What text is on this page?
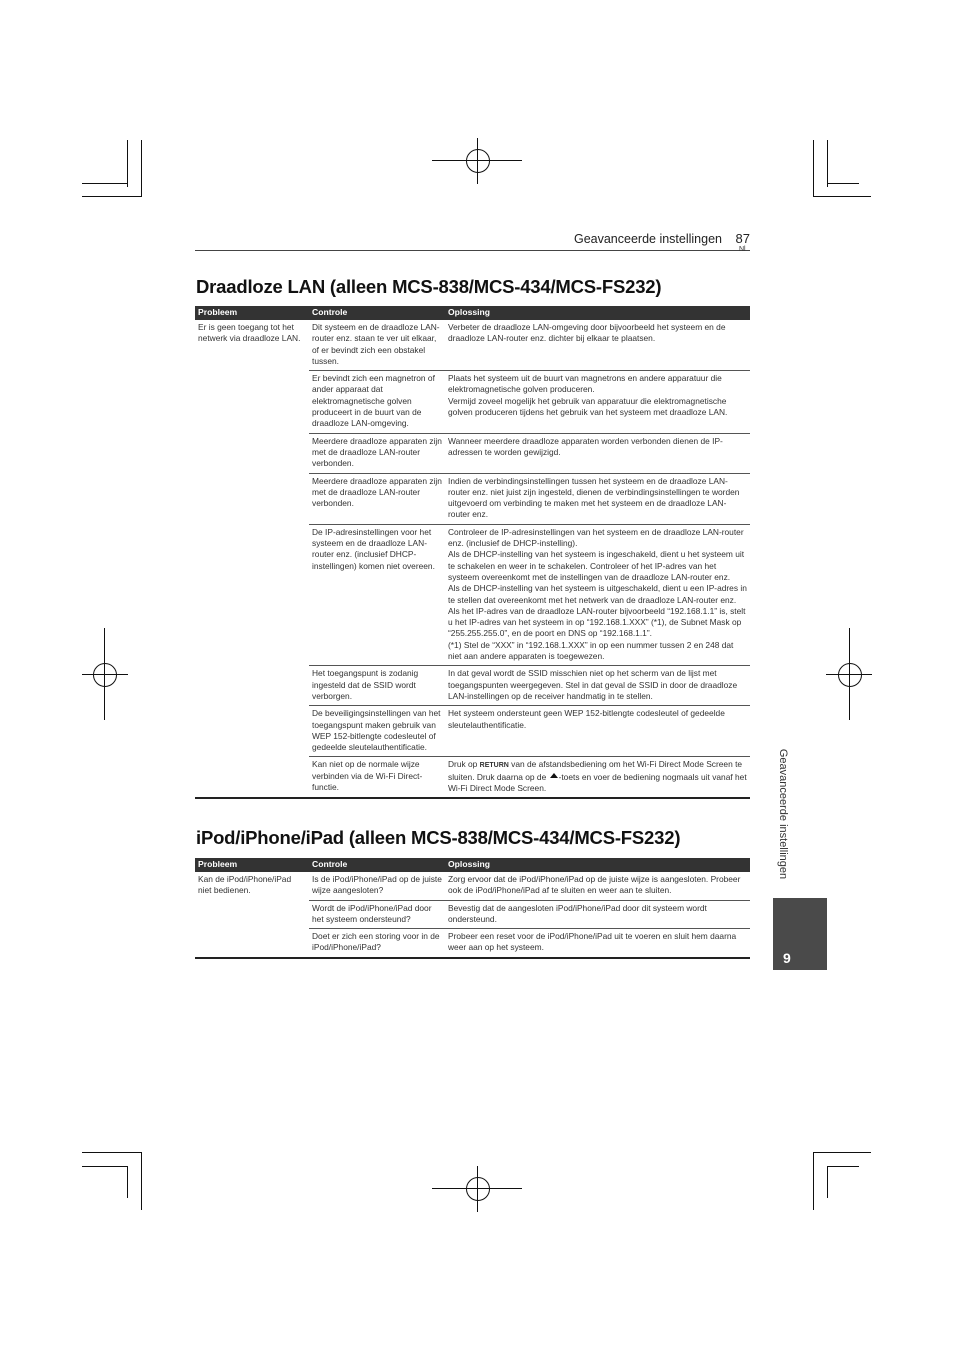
Geavanceerde instellingen 87
Nl
Draadloze LAN (alleen MCS-838/MCS-434/MCS-FS232)
Probleem	Controle	Oplossing
Er is geen toegang tot het netwerk via draadloze LAN.	Dit systeem en de draadloze LAN-router enz. staan te ver uit elkaar, of er bevindt zich een obstakel tussen.	Verbeter de draadloze LAN-omgeving door bijvoorbeeld het systeem en de draadloze LAN-router enz. dichter bij elkaar te plaatsen.
	Er bevindt zich een magnetron of ander apparaat dat elektromagnetische golven produceert in de buurt van de draadloze LAN-omgeving.	Plaats het systeem uit de buurt van magnetrons en andere apparatuur die elektromagnetische golven produceren.
Vermijd zoveel mogelijk het gebruik van apparatuur die elektromagnetische golven produceren tijdens het gebruik van het systeem met draadloze LAN.
	Meerdere draadloze apparaten zijn met de draadloze LAN-router verbonden.	Wanneer meerdere draadloze apparaten worden verbonden dienen de IP-adressen te worden gewijzigd.
	Meerdere draadloze apparaten zijn met de draadloze LAN-router verbonden.	Indien de verbindingsinstellingen tussen het systeem en de draadloze LAN-router enz. niet juist zijn ingesteld, dienen de verbindingsinstellingen te worden uitgevoerd om verbinding te maken met het systeem en de draadloze LAN-router enz.
	De IP-adresinstellingen voor het systeem en de draadloze LAN-router enz. (inclusief DHCP-instellingen) komen niet overeen.	Controleer de IP-adresinstellingen van het systeem en de draadloze LAN-router enz. (inclusief de DHCP-instelling).
Als de DHCP-instelling van het systeem is ingeschakeld, dient u het systeem uit te schakelen en weer in te schakelen. Controleer of het IP-adres van het systeem overeenkomt met de instellingen van de draadloze LAN-router enz.
Als de DHCP-instelling van het systeem is uitgeschakeld, dient u een IP-adres in te stellen dat overeenkomt met het netwerk van de draadloze LAN-router enz.
Als het IP-adres van de draadloze LAN-router bijvoorbeeld “192.168.1.1” is, stelt u het IP-adres van het systeem in op “192.168.1.XXX” (*1), de Subnet Mask op “255.255.255.0”, en de poort en DNS op “192.168.1.1”.
(*1) Stel de “XXX” in “192.168.1.XXX” in op een nummer tussen 2 en 248 dat niet aan andere apparaten is toegewezen.
	Het toegangspunt is zodanig ingesteld dat de SSID wordt verborgen.	In dat geval wordt de SSID misschien niet op het scherm van de lijst met toegangspunten weergegeven. Stel in dat geval de SSID in door de draadloze LAN-instellingen op de receiver handmatig in te stellen.
	De beveiligingsinstellingen van het toegangspunt maken gebruik van WEP 152-bitlengte codesleutel of gedeelde sleutelauthentificatie.	Het systeem ondersteunt geen WEP 152-bitlengte codesleutel of gedeelde sleutelauthentificatie.
	Kan niet op de normale wijze verbinden via de Wi-Fi Direct-functie.	Druk op RETURN van de afstandsbediening om het Wi-Fi Direct Mode Screen te sluiten. Druk daarna op de -toets en voer de bediening nogmaals uit vanaf het Wi-Fi Direct Mode Screen.
iPod/iPhone/iPad (alleen MCS-838/MCS-434/MCS-FS232)
Probleem	Controle	Oplossing
Kan de iPod/iPhone/iPad niet bedienen.	Is de iPod/iPhone/iPad op de juiste wijze aangesloten?	Zorg ervoor dat de iPod/iPhone/iPad op de juiste wijze is aangesloten. Probeer ook de iPod/iPhone/iPad af te sluiten en weer aan te sluiten.
	Wordt de iPod/iPhone/iPad door het systeem ondersteund?	Bevestig dat de aangesloten iPod/iPhone/iPad door dit systeem wordt ondersteund.
	Doet er zich een storing voor in de iPod/iPhone/iPad?	Probeer een reset voor de iPod/iPhone/iPad uit te voeren en sluit hem daarna weer aan op het systeem.
Geavanceerde instellingen
9
